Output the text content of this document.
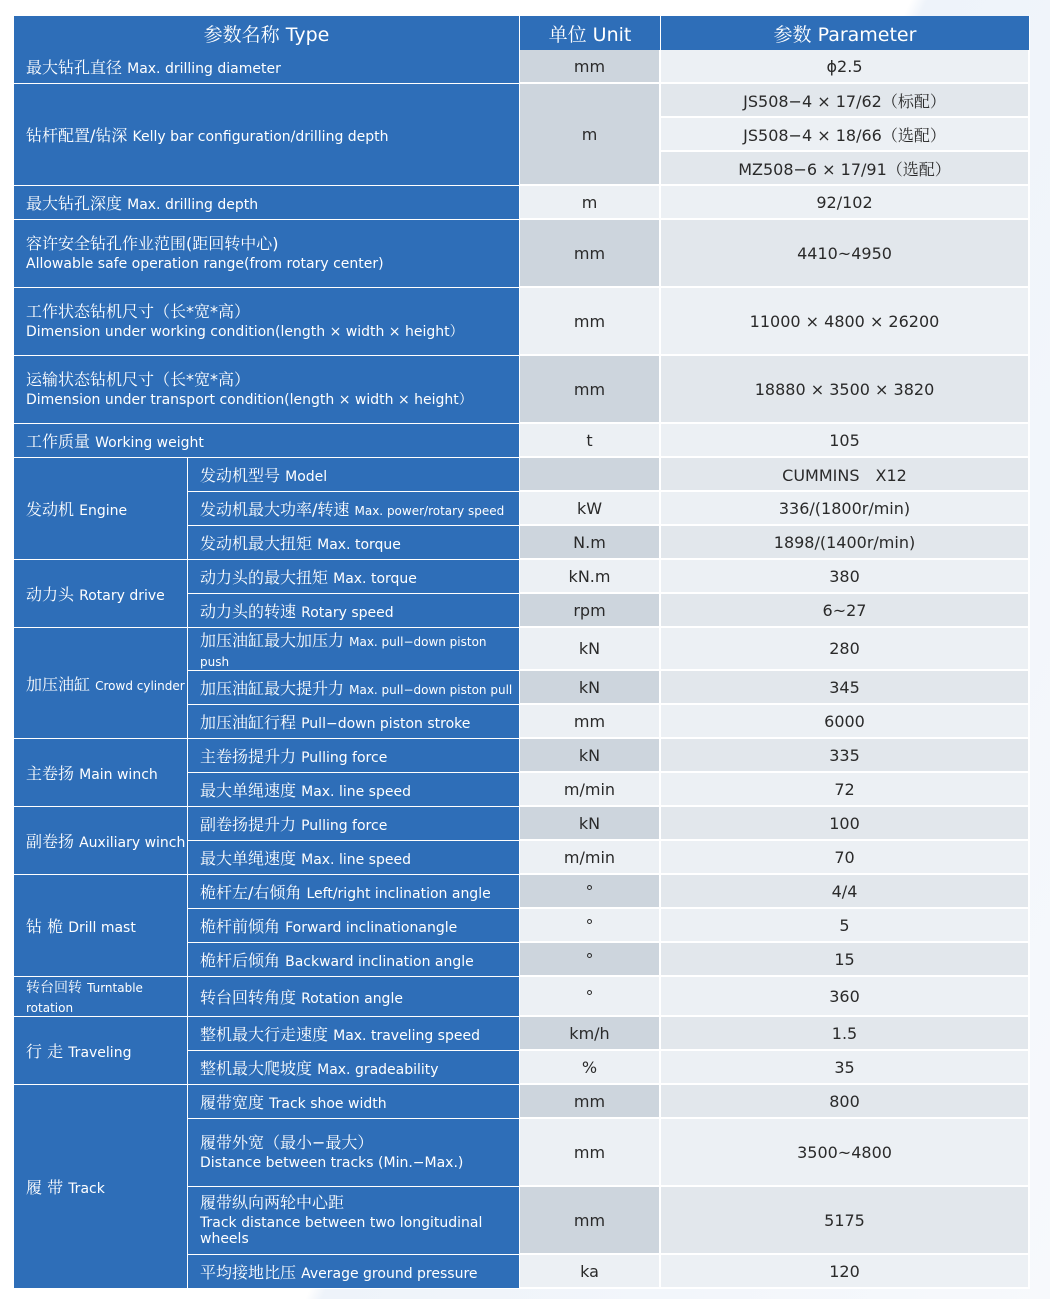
参数名称 Type		单位 Unit	参数 Parameter
最大钻孔直径 Max. drilling diameter		mm	ϕ2.5
钻杆配置/钻深 Kelly bar configuration/drilling depth		m	JS508−4 × 17/62（标配）
			JS508−4 × 18/66（选配）
			MZ508−6 × 17/91（选配）
最大钻孔深度 Max. drilling depth		m	92/102
容许安全钻孔作业范围(距回转中心)
Allowable safe operation range(from rotary center)		mm	4410~4950
工作状态钻机尺寸（长*宽*高）
Dimension under working condition(length × width × height）		mm	11000 × 4800 × 26200
运输状态钻机尺寸（长*宽*高）
Dimension under transport condition(length × width × height）		mm	18880 × 3500 × 3820
工作质量 Working weight		t	105
发动机 Engine	发动机型号 Model		CUMMINS　X12
	发动机最大功率/转速 Max. power/rotary speed	kW	336/(1800r/min)
	发动机最大扭矩 Max. torque	N.m	1898/(1400r/min)
动力头 Rotary drive	动力头的最大扭矩 Max. torque	kN.m	380
	动力头的转速 Rotary speed	rpm	6~27
加压油缸 Crowd cylinder	加压油缸最大加压力 Max. pull−down piston push	kN	280
	加压油缸最大提升力 Max. pull−down piston pull	kN	345
	加压油缸行程 Pull−down piston stroke	mm	6000
主卷扬 Main winch	主卷扬提升力 Pulling force	kN	335
	最大单绳速度 Max. line speed	m/min	72
副卷扬 Auxiliary winch	副卷扬提升力 Pulling force	kN	100
	最大单绳速度 Max. line speed	m/min	70
钻 桅 Drill mast	桅杆左/右倾角 Left/right inclination angle	°	4/4
	桅杆前倾角 Forward inclinationangle	°	5
	桅杆后倾角 Backward inclination angle	°	15
转台回转 Turntable rotation	转台回转角度 Rotation angle	°	360
行 走 Traveling	整机最大行走速度 Max. traveling speed	km/h	1.5
	整机最大爬坡度 Max. gradeability	%	35
履 带 Track	履带宽度 Track shoe width	mm	800
	履带外宽（最小−最大）
Distance between tracks (Min.−Max.)	mm	3500~4800
	履带纵向两轮中心距
Track distance between two longitudinal wheels	mm	5175
	平均接地比压 Average ground pressure	ka	120
